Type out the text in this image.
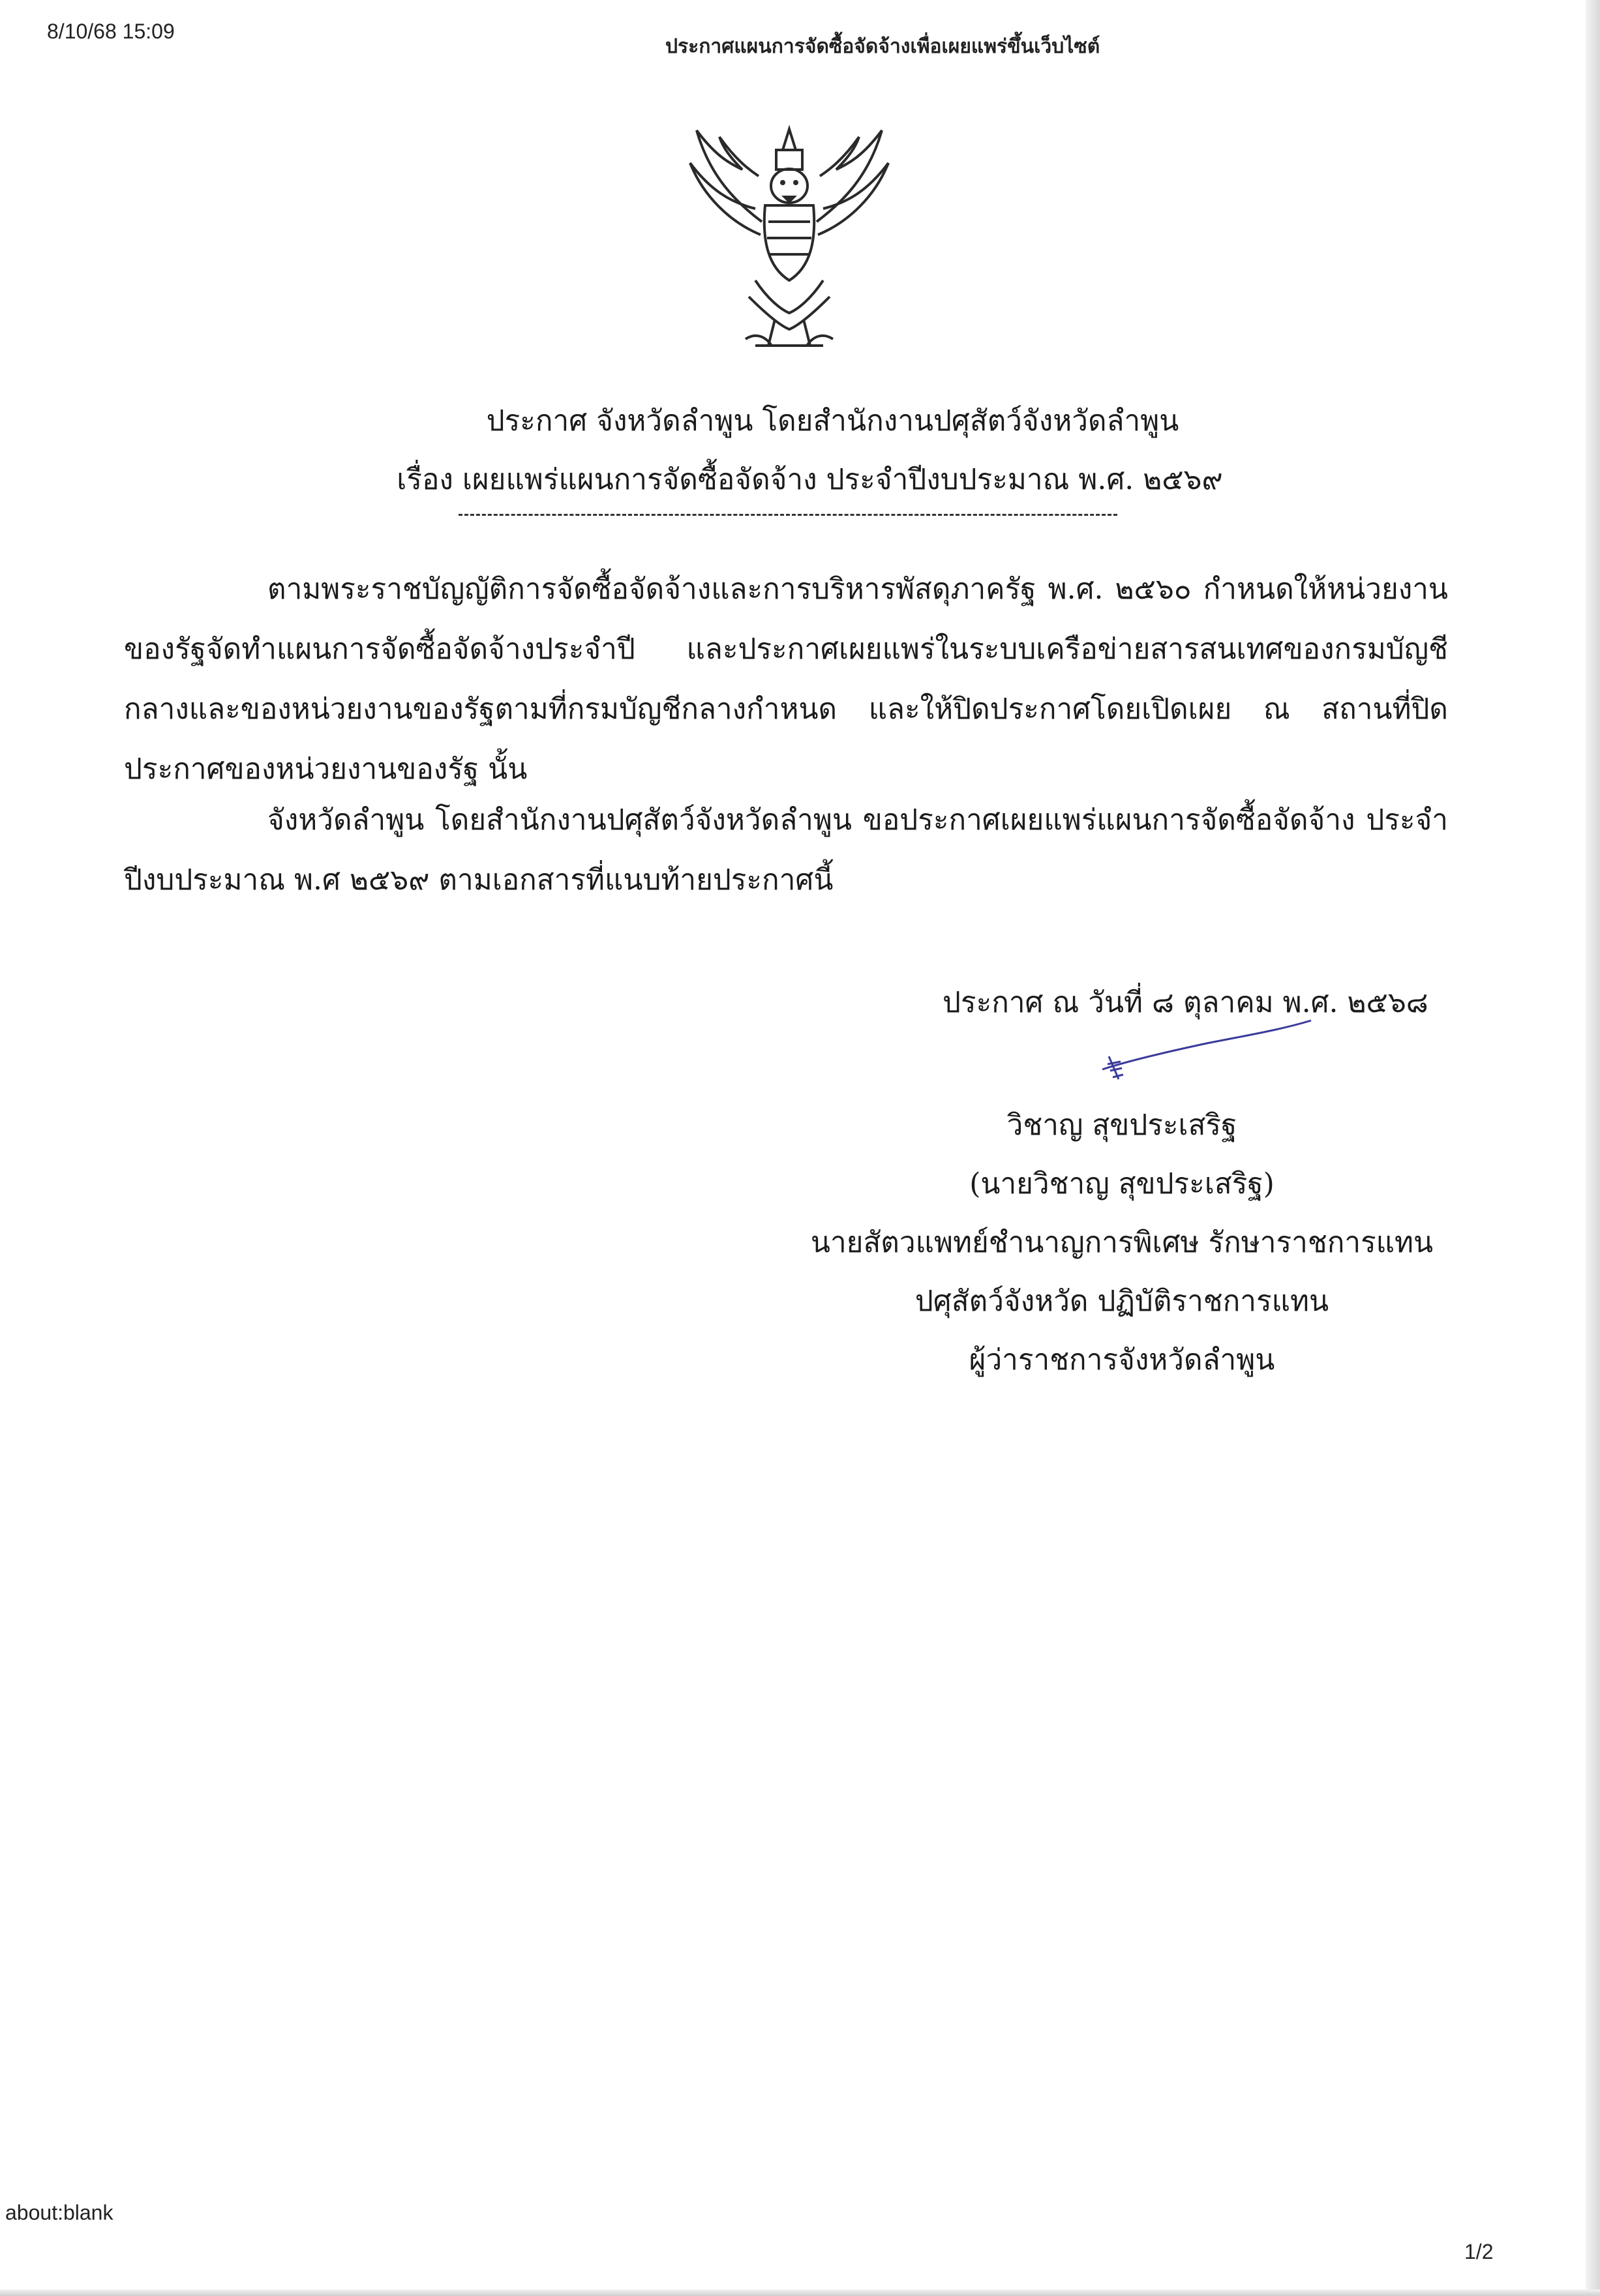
8/10/68 15:09
ประกาศแผนการจัดซื้อจัดจ้างเพื่อเผยแพร่ขึ้นเว็บไซต์
ประกาศ จังหวัดลำพูน โดยสำนักงานปศุสัตว์จังหวัดลำพูน
เรื่อง เผยแพร่แผนการจัดซื้อจัดจ้าง ประจำปีงบประมาณ พ.ศ. ๒๕๖๙
ตามพระราชบัญญัติการจัดซื้อจัดจ้างและการบริหารพัสดุภาครัฐ พ.ศ. ๒๕๖๐ กำหนดให้หน่วยงานของรัฐจัดทำแผนการจัดซื้อจัดจ้างประจำปี และประกาศเผยแพร่ในระบบเครือข่ายสารสนเทศของกรมบัญชีกลางและของหน่วยงานของรัฐตามที่กรมบัญชีกลางกำหนด และให้ปิดประกาศโดยเปิดเผย ณ สถานที่ปิดประกาศของหน่วยงานของรัฐ นั้น
จังหวัดลำพูน โดยสำนักงานปศุสัตว์จังหวัดลำพูน ขอประกาศเผยแพร่แผนการจัดซื้อจัดจ้าง ประจำปีงบประมาณ พ.ศ ๒๕๖๙ ตามเอกสารที่แนบท้ายประกาศนี้
ประกาศ ณ วันที่ ๘ ตุลาคม พ.ศ. ๒๕๖๘
วิชาญ สุขประเสริฐ
(นายวิชาญ สุขประเสริฐ)
นายสัตวแพทย์ชำนาญการพิเศษ รักษาราชการแทน
ปศุสัตว์จังหวัด ปฏิบัติราชการแทน
ผู้ว่าราชการจังหวัดลำพูน
about:blank
1/2
